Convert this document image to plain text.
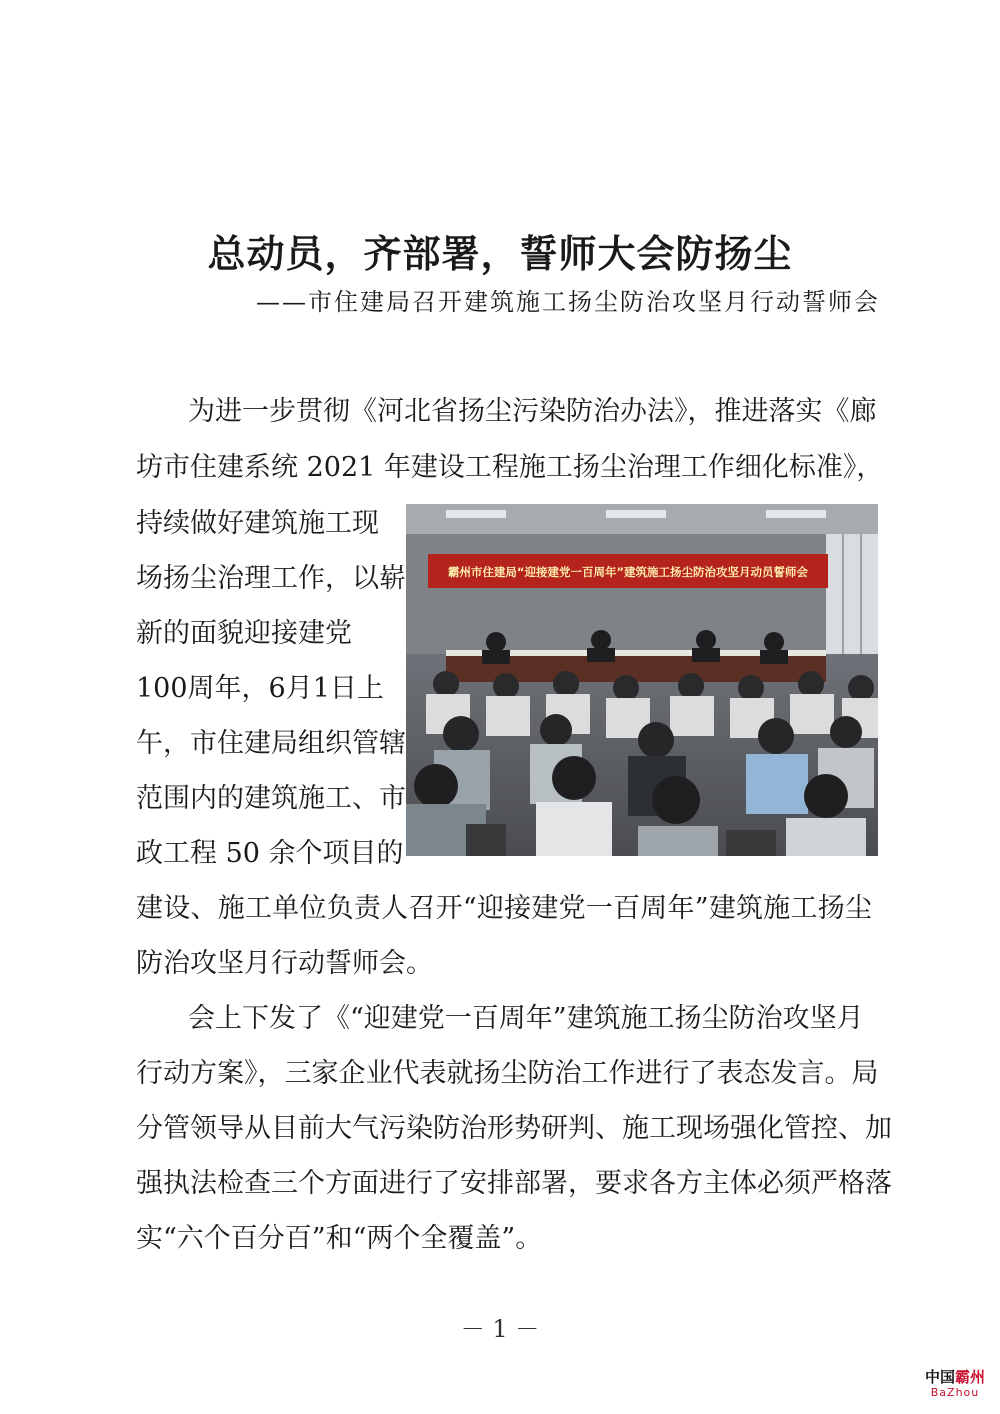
总动员，齐部署，誓师大会防扬尘
——市住建局召开建筑施工扬尘防治攻坚月行动誓师会
为进一步贯彻《河北省扬尘污染防治办法》，推进落实《廊
坊市住建系统 2021 年建设工程施工扬尘治理工作细化标准》，
持续做好建筑施工现
场扬尘治理工作，以崭
新的面貌迎接建党
100周年，6月1日上
午，市住建局组织管辖
范围内的建筑施工、市
政工程 50 余个项目的
建设、施工单位负责人召开“迎接建党一百周年”建筑施工扬尘
防治攻坚月行动誓师会。
会上下发了《“迎建党一百周年”建筑施工扬尘防治攻坚月
行动方案》，三家企业代表就扬尘防治工作进行了表态发言。局
分管领导从目前大气污染防治形势研判、施工现场强化管控、加
强执法检查三个方面进行了安排部署，要求各方主体必须严格落
实“六个百分百”和“两个全覆盖”。
霸州市住建局“迎接建党一百周年”建筑施工扬尘防治攻坚月动员誓师会
－ 1 －
中国霸州
BaZhou
